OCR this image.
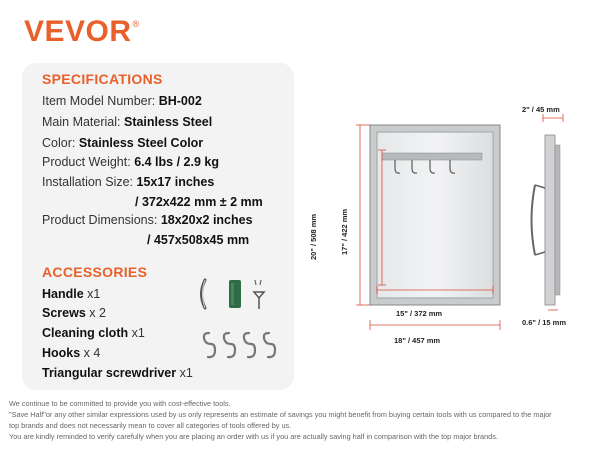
VEVOR®
SPECIFICATIONS
Item Model Number: BH-002
Main Material: Stainless Steel
Color: Stainless Steel Color
Product Weight: 6.4 lbs / 2.9 kg
Installation Size: 15x17 inches
/ 372x422 mm ± 2 mm
Product Dimensions: 18x20x2 inches
/ 457x508x45 mm
ACCESSORIES
Handle x1
Screws x 2
Cleaning cloth x1
Hooks x 4
Triangular screwdriver x1
20" / 508 mm	17" / 422 mm
15" / 372 mm
18" / 457 mm
2" / 45 mm
0.6" / 15 mm
We continue to be committed to provide you with cost-effective tools.
"Save Half"or any other similar expressions used by us only represents an estimate of savings you might benefit from buying certain tools with us compared to the major
top brands and does not necessarily mean to cover all categories of tools offered by us.
You are kindly reminded to verify carefully when you are placing an order with us if you are actually saving half in comparison with the top major brands.
